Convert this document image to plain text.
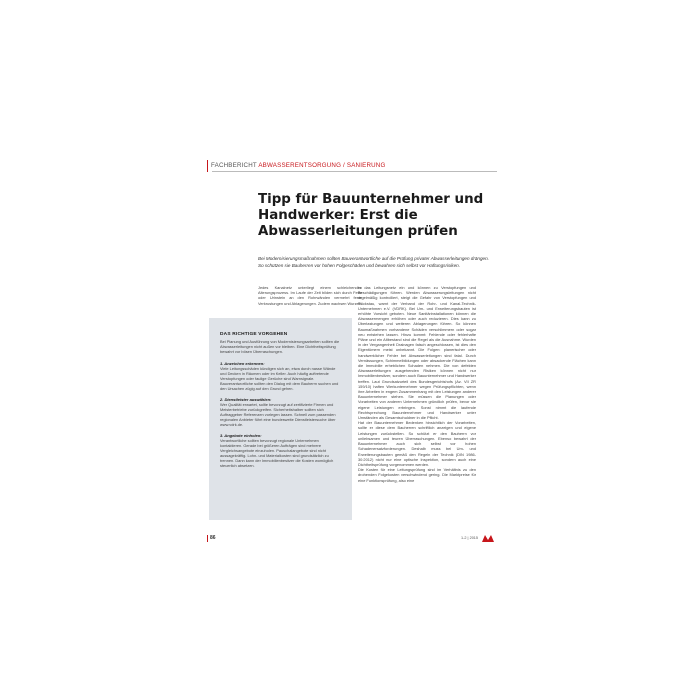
FACHBERICHT ABWASSERENTSORGUNG / SANIERUNG
Tipp für Bauunternehmer und Handwerker: Erst die Abwasserleitungen prüfen

Bei Modernisierungsmaßnahmen sollten Bauverantwortliche auf die Prüfung privater Abwasserleitungen drängen. So schützen sie Bauherren vor hohen Folgeschäden und bewahren sich selbst vor Haftungsrisiken.

Jedes Kanalnetz unterliegt einem schleichenden Alterungsprozess. Im Laufe der Zeit bilden sich durch Fette oder Urinstein an den Rohrwänden vermehrt feste Verkrustungen und Ablagerungen. Zudem wachsen Wurzeln

in das Leitungsnetz ein und können zu Verstopfungen und Beschädigungen führen. Werden Abwasserungsleitungen nicht regelmäßig kontrolliert, steigt die Gefahr von Verstopfungen und Rückstau, warnt der Verband der Rohr- und Kanal-Technik-Unternehmen e.V. (VDRK). Bei Um- und Erweiterungsbauten ist erhöhte Vorsicht geboten. Neue Sanitärinstallationen können die Abwassermengen erhöhen oder auch reduzieren. Dies kann zu Überlastungen und weiteren Ablagerungen führen. So können Baumaßnahmen vorhandene Schäden verschlimmern oder sogar neu entstehen lassen. Hinzu kommt: Fehlende oder fehlerhafte Pläne und ein Altbestand sind die Regel als die Ausnahme. Wurden in der Vergangenheit Drainagen falsch angeschlossen, ist dies den Eigentümern meist unbekannt. Die Folgen: planerischer oder handwerklicher Fehler bei Abwasserleitungen sind fatal. Durch Vernässungen, Schimmelbildungen oder absackende Flächen kann die Immobilie erheblichen Schaden nehmen. Die von defekten Abwasserleitungen ausgehenden Risiken können nicht nur Immobilienbesitzer, sondern auch Bauunternehmer und Handwerker treffen. Laut Grundsatzurteil des Bundesgerichtshofs (Az. VII ZR 159/10) haften Werkunternehmer wegen Prüfungspflichten, wenn ihre Arbeiten in engem Zusammenhang mit den Leistungen anderer Bauunternehmer stehen. Sie müssen die Planungen oder Vorarbeiten von anderen Unternehmen gründlich prüfen, bevor sie eigene Leistungen erbringen. Sonst nimmt die laufende Rechtsprechung Bauunternehmer und Handwerker unter Umständen als Gesamtschuldner in die Pflicht.

Hat der Bauunternehmer Bedenken hinsichtlich der Vorarbeiten, sollte er diese dem Bauherren schriftlich anzeigen und eigene Leistungen zurückstellen. So schützt er den Bauherrn vor unliebsamen und teuren Überraschungen. Ebenso bewahrt der Bauunternehmer auch sich selbst vor hohen Schadenersatzforderungen. Deshalb muss bei Um- und Erweiterungsbauten gemäß den Regeln der Technik (DIN 1986-30:2012) nicht nur eine optische Inspektion, sondern auch eine Dichtheitsprüfung vorgenommen werden.

Die Kosten für eine Leitungsprüfung sind im Verhältnis zu den drohenden Folgekosten verschwindend gering. Die Marktpreise für eine Funktionsprüfung, also eine

DAS RICHTIGE VORGEHEN

Bei Planung und Ausführung von Modernisierungsarbeiten sollten die Abwasserleitungen nicht außen vor bleiben. Eine Dichtheitsprüfung bewahrt vor bösen Überraschungen.

1. Anzeichen erkennen:

Viele Leitungsschäden kündigen sich an, etwa durch nasse Wände und Decken in Räumen oder im Keller. Auch häufig auftretende Verstopfungen oder faulige Gerüche sind Warnsignale. Bauverantwortliche sollten den Dialog mit dem Bauherrn suchen und den Ursachen zügig auf den Grund gehen.

2. Dienstleister auswählen:

Wer Qualität erwartet, sollte bevorzugt auf zertifizierte Firmen und Meisterbetriebe zurückgreifen. Sicherheitshalber sollten sich Auftraggeber Referenzen vorlegen lassen. Schnell zum passenden regionalen Anbieter führt eine bundesweite Dienstleistersuche über www.vdrk.de.

3. Angebote einholen:

Verantwortliche sollten bevorzugt regionale Unternehmen kontaktieren. Gerade bei größeren Aufträgen sind mehrere Vergleichsangebote einzuholen. Pauschalangebote sind nicht aussagekräftig. Lohn- und Materialkosten sind grundsätzlich zu trennen. Dann kann der Immobilienbesitzer die Kosten womöglich steuerlich absetzen.

86	1-2 | 2015
